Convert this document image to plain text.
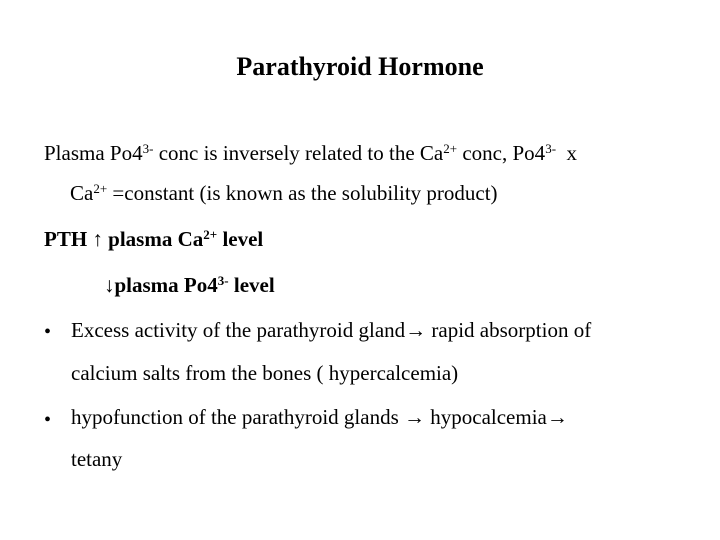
Parathyroid Hormone
Plasma $Po4^{3-}$ conc is inversely related to the $Ca^{2+}$ conc, $Po4^{3-}$  x
$Ca^{2+}$ =constant (is known as the solubility product)
PTH ↑ plasma $Ca^{2+}$ level
↓plasma $Po4^{3-}$ level
• Excess activity of the parathyroid gland→ rapid absorption of
calcium salts from the bones ( hypercalcemia)
• hypofunction of the parathyroid glands → hypocalcemia→
tetany
